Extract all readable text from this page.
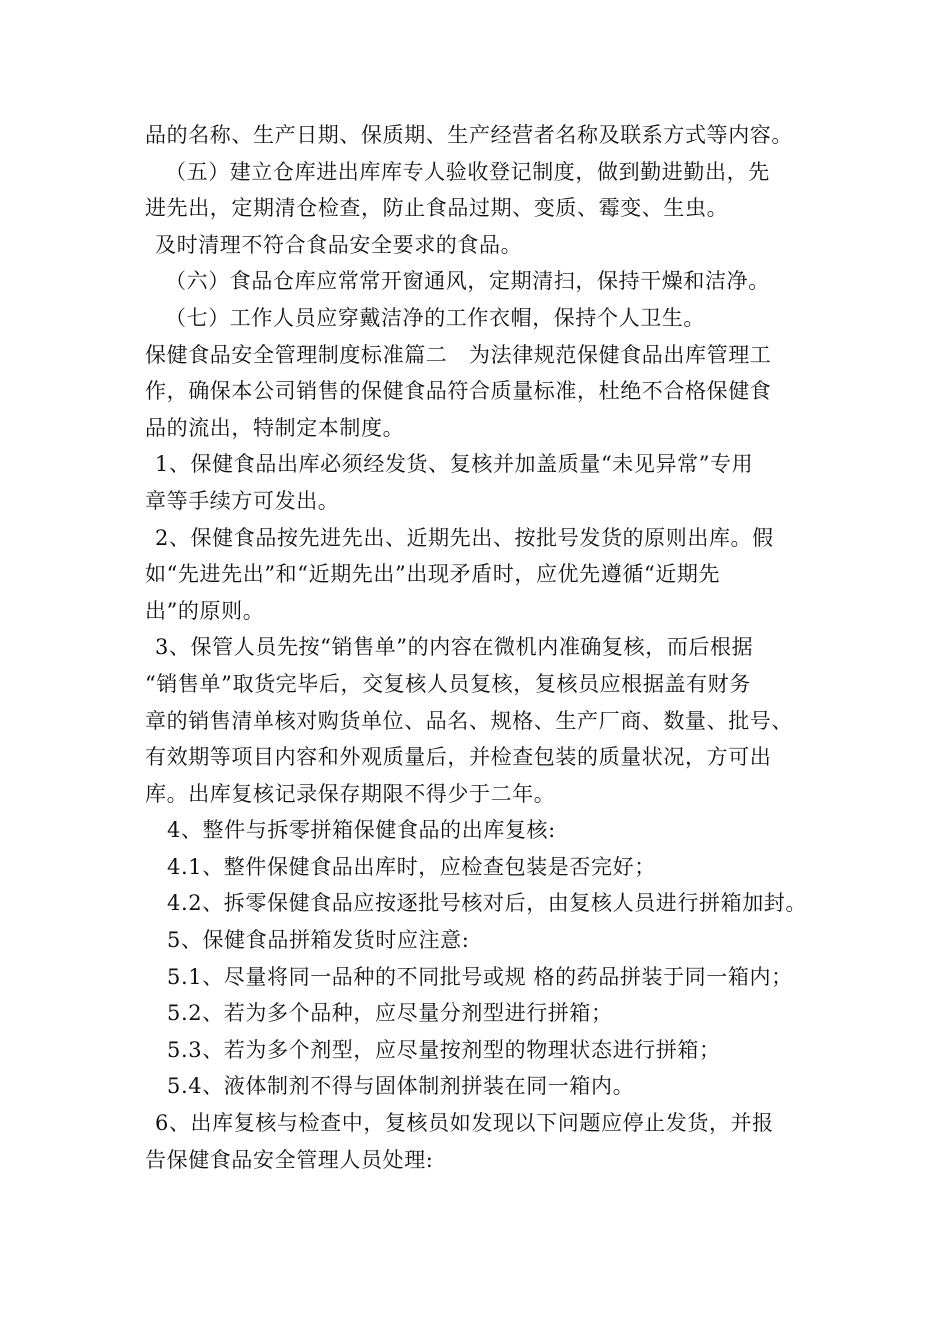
品的名称、生产日期、保质期、生产经营者名称及联系方式等内容。
（五）建立仓库进出库库专人验收登记制度，做到勤进勤出，先
进先出，定期清仓检查，防止食品过期、变质、霉变、生虫。
及时清理不符合食品安全要求的食品。
（六）食品仓库应常常开窗通风，定期清扫，保持干燥和洁净。
（七）工作人员应穿戴洁净的工作衣帽，保持个人卫生。
保健食品安全管理制度标准篇二　为法律规范保健食品出库管理工
作，确保本公司销售的保健食品符合质量标准，杜绝不合格保健食
品的流出，特制定本制度。
1、保健食品出库必须经发货、复核并加盖质量“未见异常”专用
章等手续方可发出。
2、保健食品按先进先出、近期先出、按批号发货的原则出库。假
如“先进先出”和“近期先出”出现矛盾时，应优先遵循“近期先
出”的原则。
3、保管人员先按“销售单”的内容在微机内准确复核，而后根据
“销售单”取货完毕后，交复核人员复核，复核员应根据盖有财务
章的销售清单核对购货单位、品名、规格、生产厂商、数量、批号、
有效期等项目内容和外观质量后，并检查包装的质量状况，方可出
库。出库复核记录保存期限不得少于二年。
4、整件与拆零拼箱保健食品的出库复核:
4.1、整件保健食品出库时，应检查包装是否完好；
4.2、拆零保健食品应按逐批号核对后，由复核人员进行拼箱加封。
5、保健食品拼箱发货时应注意:
5.1、尽量将同一品种的不同批号或规 格的药品拼装于同一箱内；
5.2、若为多个品种，应尽量分剂型进行拼箱；
5.3、若为多个剂型，应尽量按剂型的物理状态进行拼箱；
5.4、液体制剂不得与固体制剂拼装在同一箱内。
6、出库复核与检查中，复核员如发现以下问题应停止发货，并报
告保健食品安全管理人员处理:
